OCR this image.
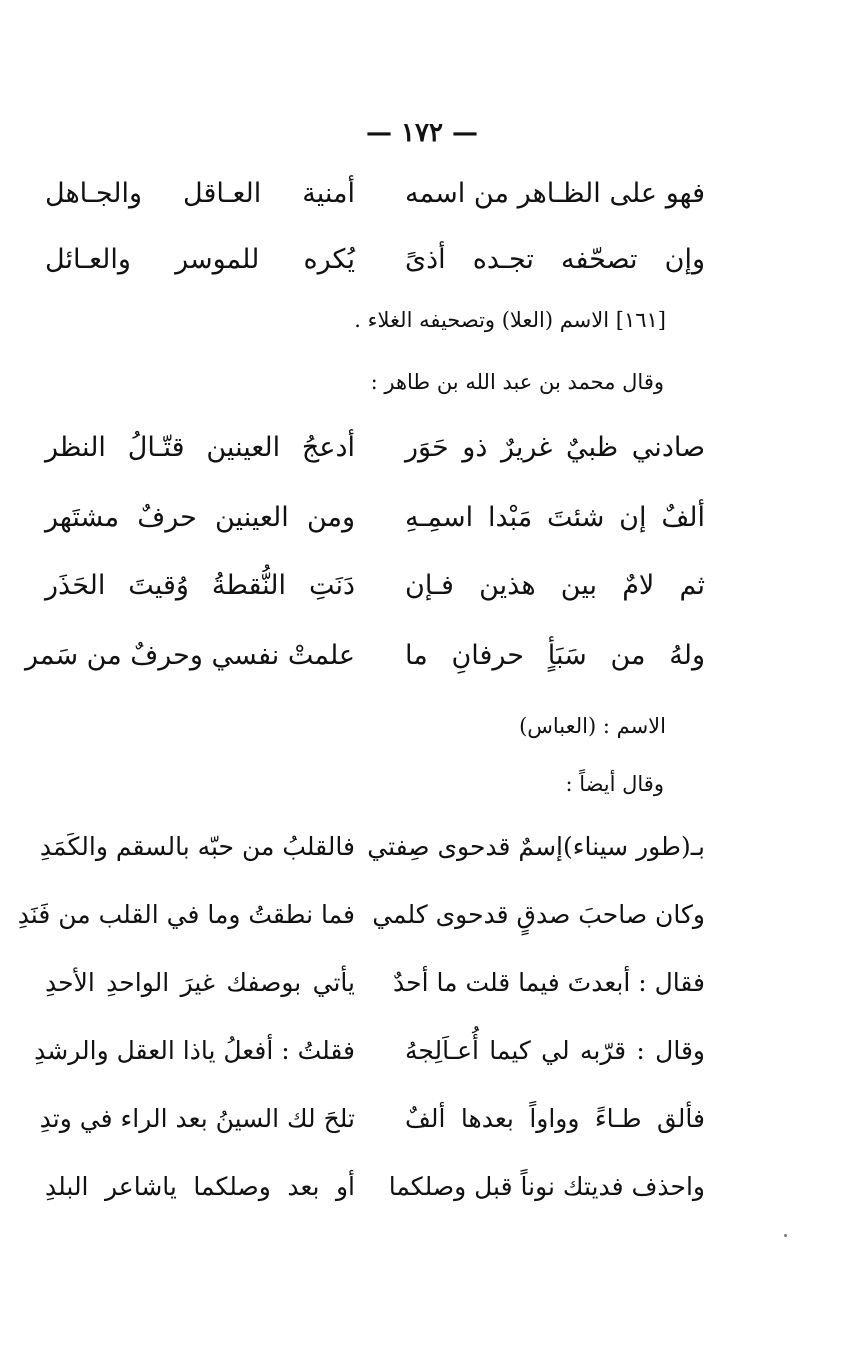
— ١٧٢ —
فهو على الظـاهر من اسمه
أمنية العـاقل والجـاهل
وإن تصحّفه تجـده أذىً
يُكره للموسر والعـائل
[١٦١] الاسم (العلا) وتصحيفه الغلاء .
وقال محمد بن عبد الله بن طاهر :
صادني ظبيٌ غريرٌ ذو حَوَر
أدعجُ العينين قتّـالُ النظر
ألفٌ إن شئتَ مَبْدا اسمِـهِ
ومن العينين حرفٌ مشتَهر
ثم لامٌ بين هذين فـإن
دَنَتِ النُّقطةُ وُقيتَ الحَذَر
ولهُ من سَبَأٍ حرفانِ ما
علمتْ نفسي وحرفٌ من سَمر
الاسم : (العباس)
وقال أيضاً :
بـ(طور سيناء)إسمٌ قدحوى صِفتي
فالقلبُ من حبّه بالسقم والكَمَدِ
وكان صاحبَ صدقٍ قدحوى كلمي
فما نطقتُ وما في القلب من فَنَدِ
فقال : أبعدتَ فيما قلت ما أحدٌ
يأتي بوصفك غيرَ الواحدِ الأحدِ
وقال : قرّبه لي كيما أُعـاَلِجهُ
فقلتُ : أفعلُ ياذا العقل والرشدِ
فألق طـاءً وواواً بعدها ألفٌ
تلحَ لك السينُ بعد الراء في وتدِ
واحذف فديتك نوناً قبل وصلكما
أو بعد وصلكما ياشاعر البلدِ
